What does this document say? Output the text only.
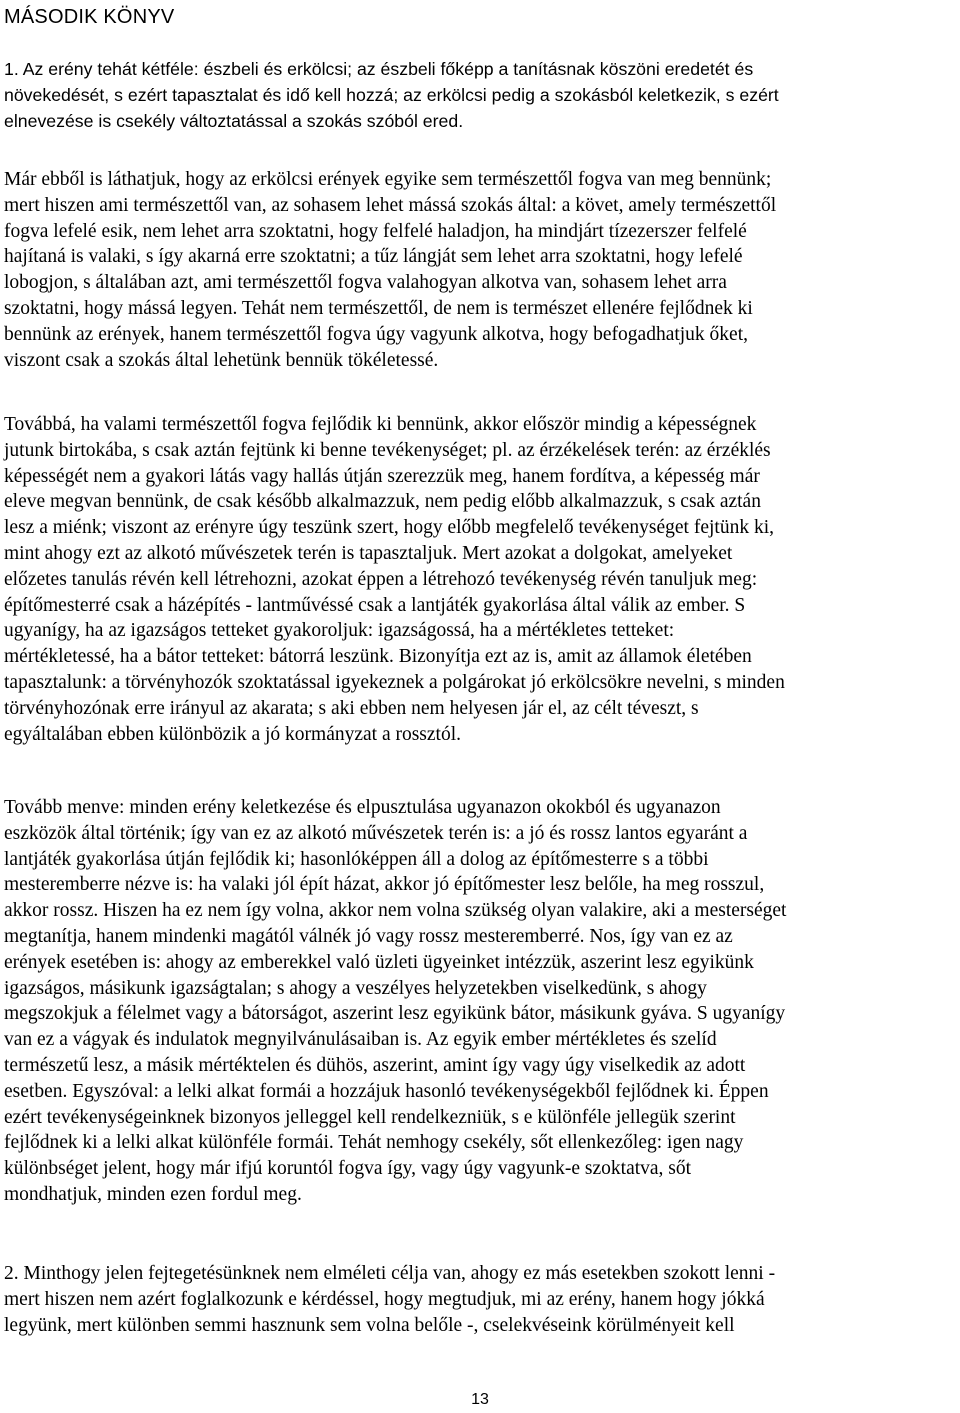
MÁSODIK KÖNYV
1. Az erény tehát kétféle: észbeli és erkölcsi; az észbeli főképp a tanításnak köszöni eredetét és
növekedését, s ezért tapasztalat és idő kell hozzá; az erkölcsi pedig a szokásból keletkezik, s ezért
elnevezése is csekély változtatással a szokás szóból ered.
Már ebből is láthatjuk, hogy az erkölcsi erények egyike sem természettől fogva van meg bennünk;
mert hiszen ami természettől van, az sohasem lehet mássá szokás által: a követ, amely természettől
fogva lefelé esik, nem lehet arra szoktatni, hogy felfelé haladjon, ha mindjárt tízezerszer felfelé
hajítaná is valaki, s így akarná erre szoktatni; a tűz lángját sem lehet arra szoktatni, hogy lefelé
lobogjon, s általában azt, ami természettől fogva valahogyan alkotva van, sohasem lehet arra
szoktatni, hogy mássá legyen. Tehát nem természettől, de nem is természet ellenére fejlődnek ki
bennünk az erények, hanem természettől fogva úgy vagyunk alkotva, hogy befogadhatjuk őket,
viszont csak a szokás által lehetünk bennük tökéletessé.
Továbbá, ha valami természettől fogva fejlődik ki bennünk, akkor először mindig a képességnek
jutunk birtokába, s csak aztán fejtünk ki benne tevékenységet; pl. az érzékelések terén: az érzéklés
képességét nem a gyakori látás vagy hallás útján szerezzük meg, hanem fordítva, a képesség már
eleve megvan bennünk, de csak később alkalmazzuk, nem pedig előbb alkalmazzuk, s csak aztán
lesz a miénk; viszont az erényre úgy teszünk szert, hogy előbb megfelelő tevékenységet fejtünk ki,
mint ahogy ezt az alkotó művészetek terén is tapasztaljuk. Mert azokat a dolgokat, amelyeket
előzetes tanulás révén kell létrehozni, azokat éppen a létrehozó tevékenység révén tanuljuk meg:
építőmesterré csak a házépítés - lantművéssé csak a lantjáték gyakorlása által válik az ember. S
ugyanígy, ha az igazságos tetteket gyakoroljuk: igazságossá, ha a mértékletes tetteket:
mértékletessé, ha a bátor tetteket: bátorrá leszünk. Bizonyítja ezt az is, amit az államok életében
tapasztalunk: a törvényhozók szoktatással igyekeznek a polgárokat jó erkölcsökre nevelni, s minden
törvényhozónak erre irányul az akarata; s aki ebben nem helyesen jár el, az célt téveszt, s
egyáltalában ebben különbözik a jó kormányzat a rossztól.
Tovább menve: minden erény keletkezése és elpusztulása ugyanazon okokból és ugyanazon
eszközök által történik; így van ez az alkotó művészetek terén is: a jó és rossz lantos egyaránt a
lantjáték gyakorlása útján fejlődik ki; hasonlóképpen áll a dolog az építőmesterre s a többi
mesteremberre nézve is: ha valaki jól épít házat, akkor jó építőmester lesz belőle, ha meg rosszul,
akkor rossz. Hiszen ha ez nem így volna, akkor nem volna szükség olyan valakire, aki a mesterséget
megtanítja, hanem mindenki magától válnék jó vagy rossz mesteremberré. Nos, így van ez az
erények esetében is: ahogy az emberekkel való üzleti ügyeinket intézzük, aszerint lesz egyikünk
igazságos, másikunk igazságtalan; s ahogy a veszélyes helyzetekben viselkedünk, s ahogy
megszokjuk a félelmet vagy a bátorságot, aszerint lesz egyikünk bátor, másikunk gyáva. S ugyanígy
van ez a vágyak és indulatok megnyilvánulásaiban is. Az egyik ember mértékletes és szelíd
természetű lesz, a másik mértéktelen és dühös, aszerint, amint így vagy úgy viselkedik az adott
esetben. Egyszóval: a lelki alkat formái a hozzájuk hasonló tevékenységekből fejlődnek ki. Éppen
ezért tevékenységeinknek bizonyos jelleggel kell rendelkezniük, s e különféle jellegük szerint
fejlődnek ki a lelki alkat különféle formái. Tehát nemhogy csekély, sőt ellenkezőleg: igen nagy
különbséget jelent, hogy már ifjú koruntól fogva így, vagy úgy vagyunk-e szoktatva, sőt
mondhatjuk, minden ezen fordul meg.
2. Minthogy jelen fejtegetésünknek nem elméleti célja van, ahogy ez más esetekben szokott lenni -
mert hiszen nem azért foglalkozunk e kérdéssel, hogy megtudjuk, mi az erény, hanem hogy jókká
legyünk, mert különben semmi hasznunk sem volna belőle -, cselekvéseink körülményeit kell
13
